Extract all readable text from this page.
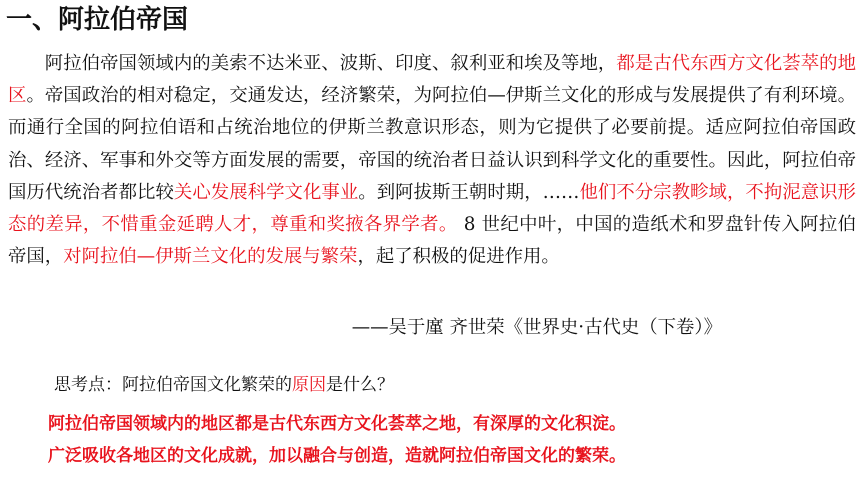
一、阿拉伯帝国

阿拉伯帝国领域内的美索不达米亚、波斯、印度、叙利亚和埃及等地，都是古代东西方文化荟萃的地区。帝国政治的相对稳定，交通发达，经济繁荣，为阿拉伯—伊斯兰文化的形成与发展提供了有利环境。而通行全国的阿拉伯语和占统治地位的伊斯兰教意识形态，则为它提供了必要前提。适应阿拉伯帝国政治、经济、军事和外交等方面发展的需要，帝国的统治者日益认识到科学文化的重要性。因此，阿拉伯帝国历代统治者都比较关心发展科学文化事业。到阿拔斯王朝时期，……他们不分宗教畛域，不拘泥意识形态的差异，不惜重金延聘人才，尊重和奖掖各界学者。 8 世纪中叶，中国的造纸术和罗盘针传入阿拉伯帝国，对阿拉伯—伊斯兰文化的发展与繁荣，起了积极的促进作用。

——吴于廑 齐世荣《世界史·古代史（下卷）》
思考点：阿拉伯帝国文化繁荣的原因是什么？
阿拉伯帝国领域内的地区都是古代东西方文化荟萃之地，有深厚的文化积淀。
广泛吸收各地区的文化成就，加以融合与创造，造就阿拉伯帝国文化的繁荣。
